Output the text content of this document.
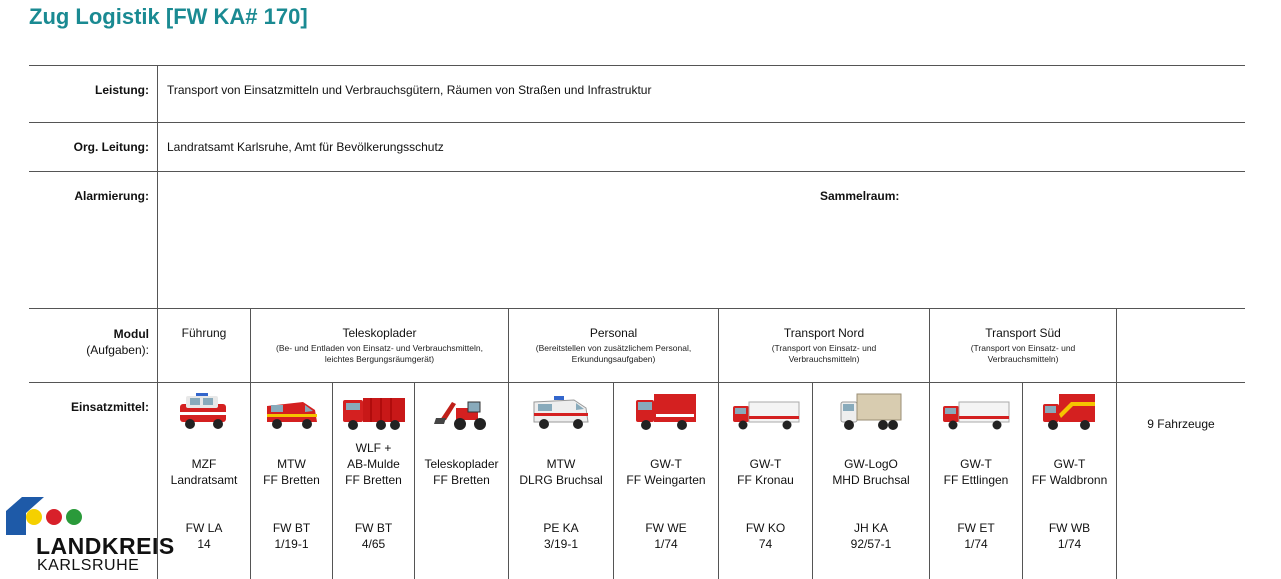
Zug Logistik [FW KA# 170]
Leistung: Transport von Einsatzmitteln und Verbrauchsgütern, Räumen von Straßen und Infrastruktur
Org. Leitung: Landratsamt Karlsruhe, Amt für Bevölkerungsschutz
Alarmierung:	Sammelraum:
Modul
(Aufgaben):
Einsatzmittel:
Führung	Teleskoplader
(Be- und Entladen von Einsatz- und Verbrauchsmitteln,
leichtes Bergungsräumgerät)
Personal
(Bereitstellen von zusätzlichem Personal,
Erkundungsaufgaben)
Transport Nord
(Transport von Einsatz- und
Verbrauchsmitteln)
Transport Süd
(Transport von Einsatz- und
Verbrauchsmitteln)
MZF
Landratsamt
FW LA
14
MTW
FF Bretten
FW BT
1/19-1
WLF +
AB-Mulde
FF Bretten
FW BT
4/65
Teleskoplader
FF Bretten
MTW
DLRG Bruchsal
PE KA
3/19-1
GW-T
FF Weingarten
FW WE
1/74
GW-T
FF Kronau
FW KO
74
GW-LogO
MHD Bruchsal
JH KA
92/57-1
GW-T
FF Ettlingen
FW ET
1/74
GW-T
FF Waldbronn
FW WB
1/74
9 Fahrzeuge
LANDKREIS
KARLSRUHE
